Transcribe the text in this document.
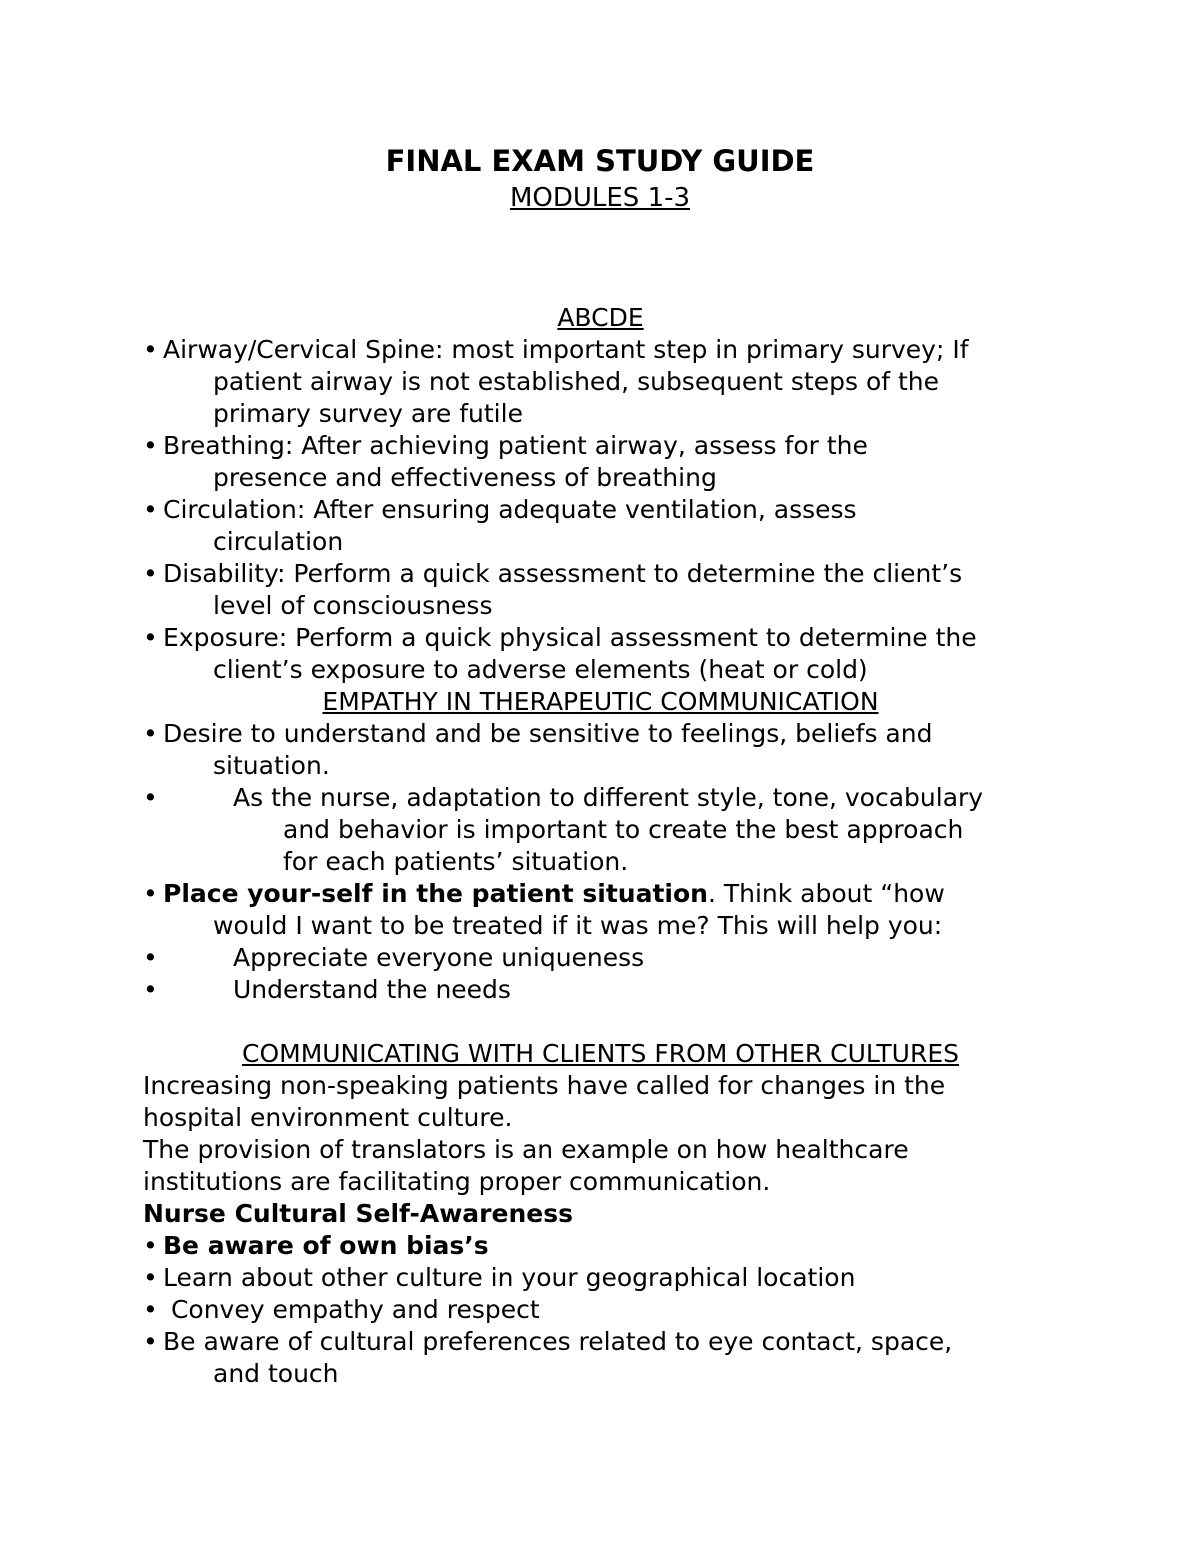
FINAL EXAM STUDY GUIDE
MODULES 1-3
ABCDE
• Airway/Cervical Spine: most important step in primary survey; If
patient airway is not established, subsequent steps of the
primary survey are futile
• Breathing: After achieving patient airway, assess for the
presence and effectiveness of breathing
• Circulation: After ensuring adequate ventilation, assess
circulation
• Disability: Perform a quick assessment to determine the client’s
level of consciousness
• Exposure: Perform a quick physical assessment to determine the
client’s exposure to adverse elements (heat or cold)
EMPATHY IN THERAPEUTIC COMMUNICATION
• Desire to understand and be sensitive to feelings, beliefs and
situation.
•	As the nurse, adaptation to different style, tone, vocabulary
and behavior is important to create the best approach
for each patients’ situation.
• Place your-self in the patient situation. Think about “how
would I want to be treated if it was me? This will help you:
•	Appreciate everyone uniqueness
•	Understand the needs
COMMUNICATING WITH CLIENTS FROM OTHER CULTURES
Increasing non-speaking patients have called for changes in the
hospital environment culture.
The provision of translators is an example on how healthcare
institutions are facilitating proper communication.
Nurse Cultural Self-Awareness
• Be aware of own bias’s
• Learn about other culture in your geographical location
• Convey empathy and respect
• Be aware of cultural preferences related to eye contact, space,
and touch
